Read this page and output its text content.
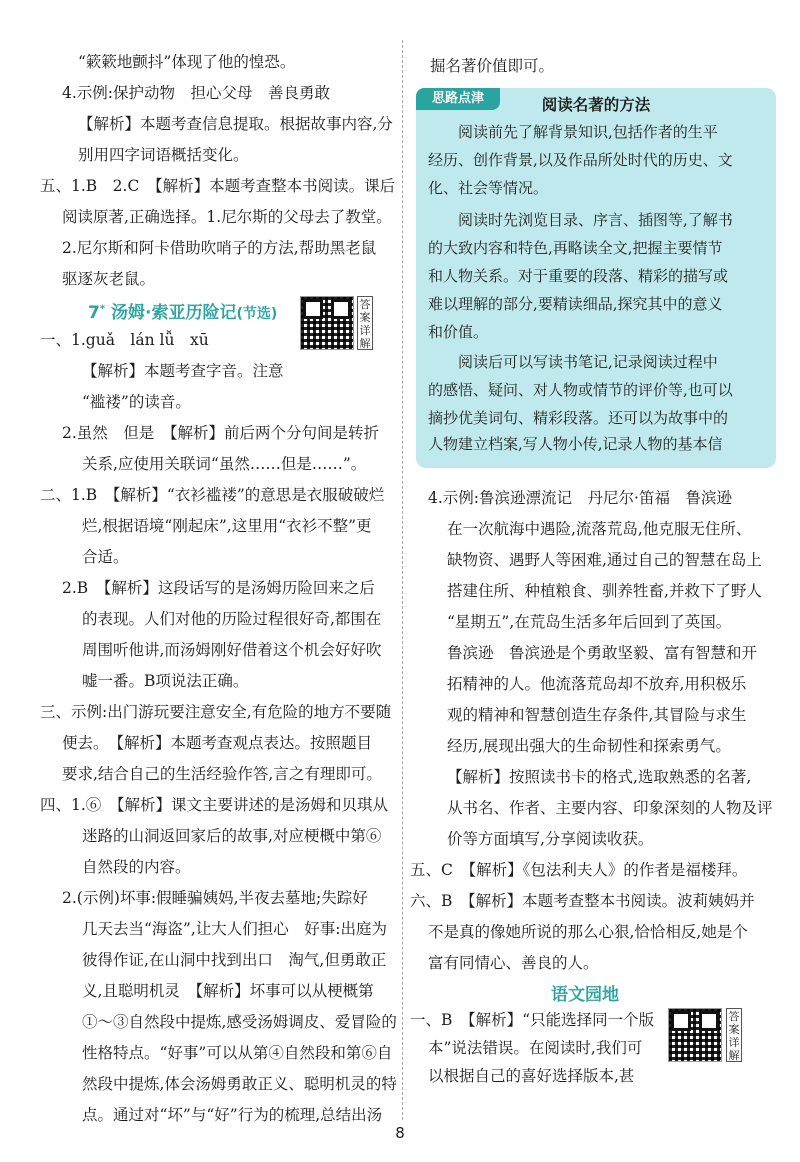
“簌簌地颤抖”体现了他的惶恐。
4.示例:保护动物　担心父母　善良勇敢
【解析】本题考查信息提取。根据故事内容,分
别用四字词语概括变化。
五、1.B　2.C　【解析】本题考查整本书阅读。课后
阅读原著,正确选择。1.尼尔斯的父母去了教堂。
2.尼尔斯和阿卡借助吹哨子的方法,帮助黑老鼠
驱逐灰老鼠。
7* 汤姆·索亚历险记(节选)
答案详解
一、1.guǎ　lán lǚ　xū
【解析】本题考查字音。注意
“褴褛”的读音。
2.虽然　但是　【解析】前后两个分句间是转折
关系,应使用关联词“虽然……但是……”。
二、1.B　【解析】“衣衫褴褛”的意思是衣服破破烂
烂,根据语境“刚起床”,这里用“衣衫不整”更
合适。
2.B　【解析】这段话写的是汤姆历险回来之后
的表现。人们对他的历险过程很好奇,都围在
周围听他讲,而汤姆刚好借着这个机会好好吹
嘘一番。B项说法正确。
三、示例:出门游玩要注意安全,有危险的地方不要随
便去。　【解析】本题考查观点表达。按照题目
要求,结合自己的生活经验作答,言之有理即可。
四、1.⑥　【解析】课文主要讲述的是汤姆和贝琪从
迷路的山洞返回家后的故事,对应梗概中第⑥
自然段的内容。
2.(示例)坏事:假睡骗姨妈,半夜去墓地;失踪好
几天去当“海盗”,让大人们担心　好事:出庭为
彼得作证,在山洞中找到出口　淘气,但勇敢正
义,且聪明机灵　【解析】坏事可以从梗概第
①～③自然段中提炼,感受汤姆调皮、爱冒险的
性格特点。“好事”可以从第④自然段和第⑥自
然段中提炼,体会汤姆勇敢正义、聪明机灵的特
点。通过对“坏”与“好”行为的梳理,总结出汤
掘名著价值即可。
思路点津	阅读名著的方法
阅读前先了解背景知识,包括作者的生平
经历、创作背景,以及作品所处时代的历史、文
化、社会等情况。
阅读时先浏览目录、序言、插图等,了解书
的大致内容和特色,再略读全文,把握主要情节
和人物关系。对于重要的段落、精彩的描写或
难以理解的部分,要精读细品,探究其中的意义
和价值。
阅读后可以写读书笔记,记录阅读过程中
的感悟、疑问、对人物或情节的评价等,也可以
摘抄优美词句、精彩段落。还可以为故事中的
人物建立档案,写人物小传,记录人物的基本信
4.示例:鲁滨逊漂流记　丹尼尔·笛福　鲁滨逊
在一次航海中遇险,流落荒岛,他克服无住所、
缺物资、遇野人等困难,通过自己的智慧在岛上
搭建住所、种植粮食、驯养牲畜,并救下了野人
“星期五”,在荒岛生活多年后回到了英国。
鲁滨逊　鲁滨逊是个勇敢坚毅、富有智慧和开
拓精神的人。他流落荒岛却不放弃,用积极乐
观的精神和智慧创造生存条件,其冒险与求生
经历,展现出强大的生命韧性和探索勇气。
【解析】按照读书卡的格式,选取熟悉的名著,
从书名、作者、主要内容、印象深刻的人物及评
价等方面填写,分享阅读收获。
五、C　【解析】《包法利夫人》的作者是福楼拜。
六、B　【解析】本题考查整本书阅读。波莉姨妈并
不是真的像她所说的那么心狠,恰恰相反,她是个
富有同情心、善良的人。
语文园地
答案详解
一、B　【解析】“只能选择同一个版
本”说法错误。在阅读时,我们可
以根据自己的喜好选择版本,甚
8
